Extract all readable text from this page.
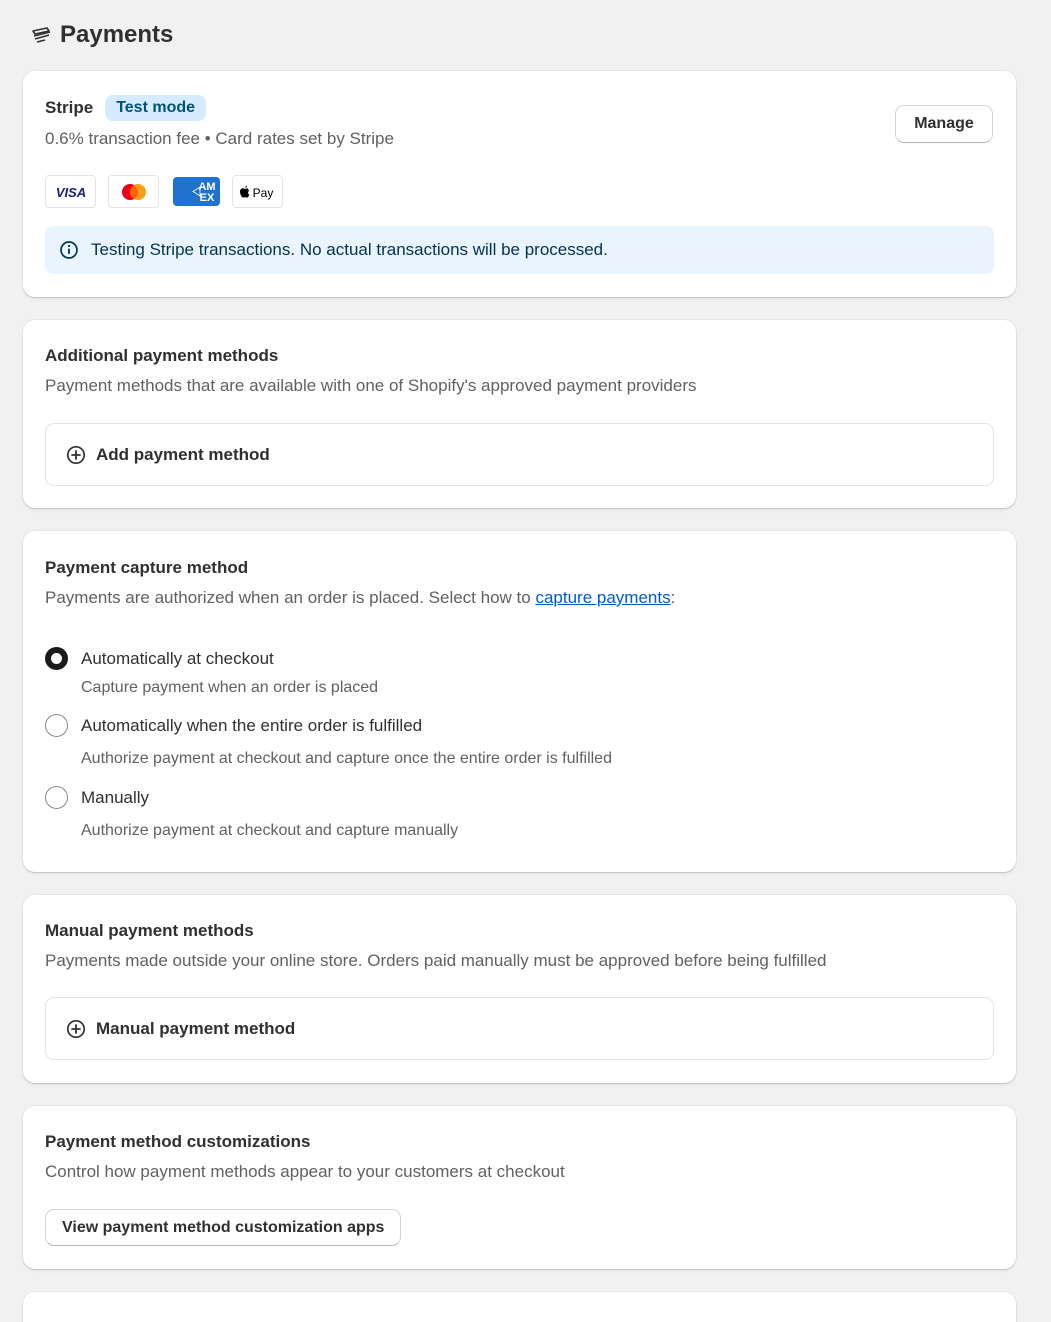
Payments
Stripe	Test mode
0.6% transaction fee • Card rates set by Stripe
Manage
VISA	AM
EX	Pay
Testing Stripe transactions. No actual transactions will be processed.
Additional payment methods
Payment methods that are available with one of Shopify's approved payment providers
Add payment method
Payment capture method
Payments are authorized when an order is placed. Select how to capture payments:
Automatically at checkout
Capture payment when an order is placed
Automatically when the entire order is fulfilled
Authorize payment at checkout and capture once the entire order is fulfilled
Manually
Authorize payment at checkout and capture manually
Manual payment methods
Payments made outside your online store. Orders paid manually must be approved before being fulfilled
Manual payment method
Payment method customizations
Control how payment methods appear to your customers at checkout
View payment method customization apps
